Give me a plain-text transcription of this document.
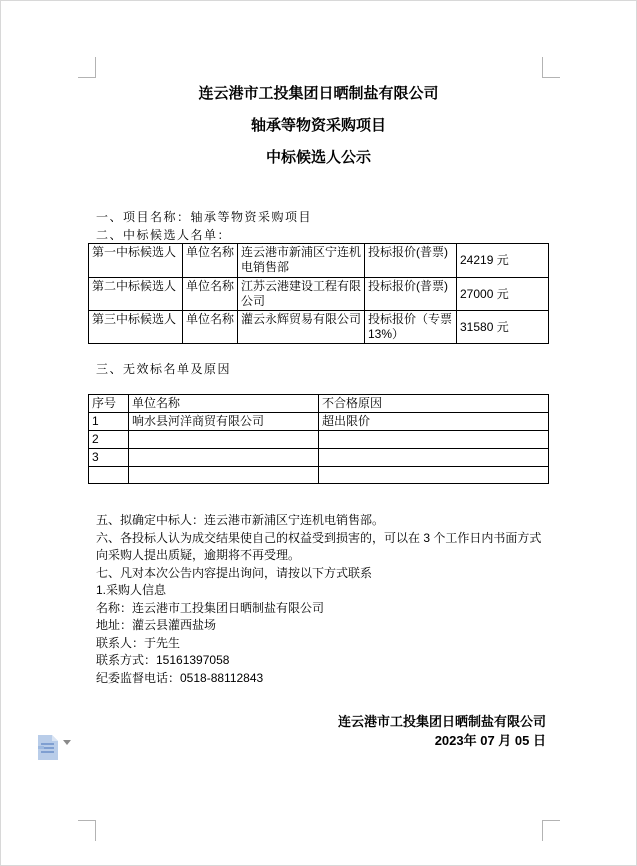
连云港市工投集团日晒制盐有限公司
轴承等物资采购项目
中标候选人公示
一、项目名称：轴承等物资采购项目
二、中标候选人名单：
第一中标候选人	单位名称	连云港市新浦区宁连机电销售部	投标报价(普票)	24219 元
第二中标候选人	单位名称	江苏云港建设工程有限公司	投标报价(普票)	27000 元
第三中标候选人	单位名称	灌云永辉贸易有限公司	投标报价（专票 13%）	31580 元
三、无效标名单及原因
序号	单位名称	不合格原因
1	响水县河洋商贸有限公司	超出限价
2		
3		

五、拟确定中标人：连云港市新浦区宁连机电销售部。

六、各投标人认为成交结果使自己的权益受到损害的，可以在 3 个工作日内书面方式向采购人提出质疑，逾期将不再受理。

七、凡对本次公告内容提出询问，请按以下方式联系

1.采购人信息

名称：连云港市工投集团日晒制盐有限公司

地址：灌云县灌西盐场

联系人：于先生

联系方式：15161397058

纪委监督电话：0518-88112843

连云港市工投集团日晒制盐有限公司
2023年 07 月 05 日
